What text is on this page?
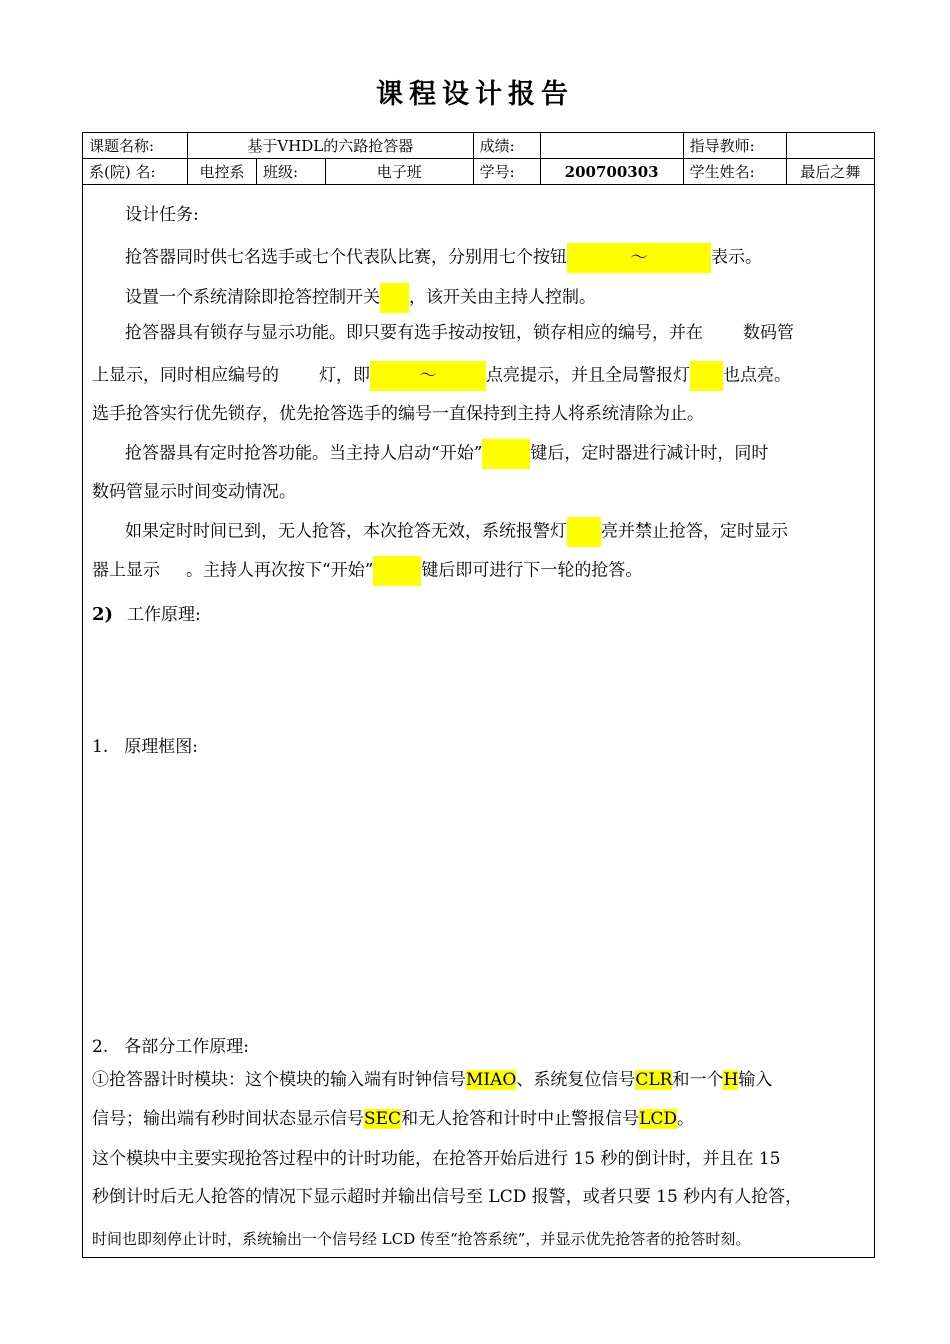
课程设计报告
课题名称:	基于VHDL的六路抢答器			成绩:		指导教师:	
系(院) 名:	电控系	班级:	电子班	学号:	200700303	学生姓名:	最后之舞
设计任务:
抢答器同时供七名选手或七个代表队比赛，分别用七个按钮	～	表示。
设置一个系统清除即抢答控制开关 ，该开关由主持人控制。
抢答器具有锁存与显示功能。即只要有选手按动按钮，锁存相应的编号，并在 数码管
上显示，同时相应编号的 灯，即	～	点亮提示，并且全局警报灯 也点亮。
选手抢答实行优先锁存，优先抢答选手的编号一直保持到主持人将系统清除为止。
抢答器具有定时抢答功能。当主持人启动“开始”	键后，定时器进行减计时，同时
数码管显示时间变动情况。
如果定时时间已到，无人抢答，本次抢答无效，系统报警灯 亮并禁止抢答，定时显示
器上显示 。主持人再次按下“开始”	键后即可进行下一轮的抢答。
2) 工作原理:
1. 原理框图:
2. 各部分工作原理:
①抢答器计时模块：这个模块的输入端有时钟信号MIAO、系统复位信号CLR和一个H输入
信号；输出端有秒时间状态显示信号SEC和无人抢答和计时中止警报信号LCD。
这个模块中主要实现抢答过程中的计时功能，在抢答开始后进行 15 秒的倒计时，并且在 15
秒倒计时后无人抢答的情况下显示超时并输出信号至 LCD 报警，或者只要 15 秒内有人抢答，
时间也即刻停止计时，系统输出一个信号经 LCD 传至“抢答系统”，并显示优先抢答者的抢答时刻。
